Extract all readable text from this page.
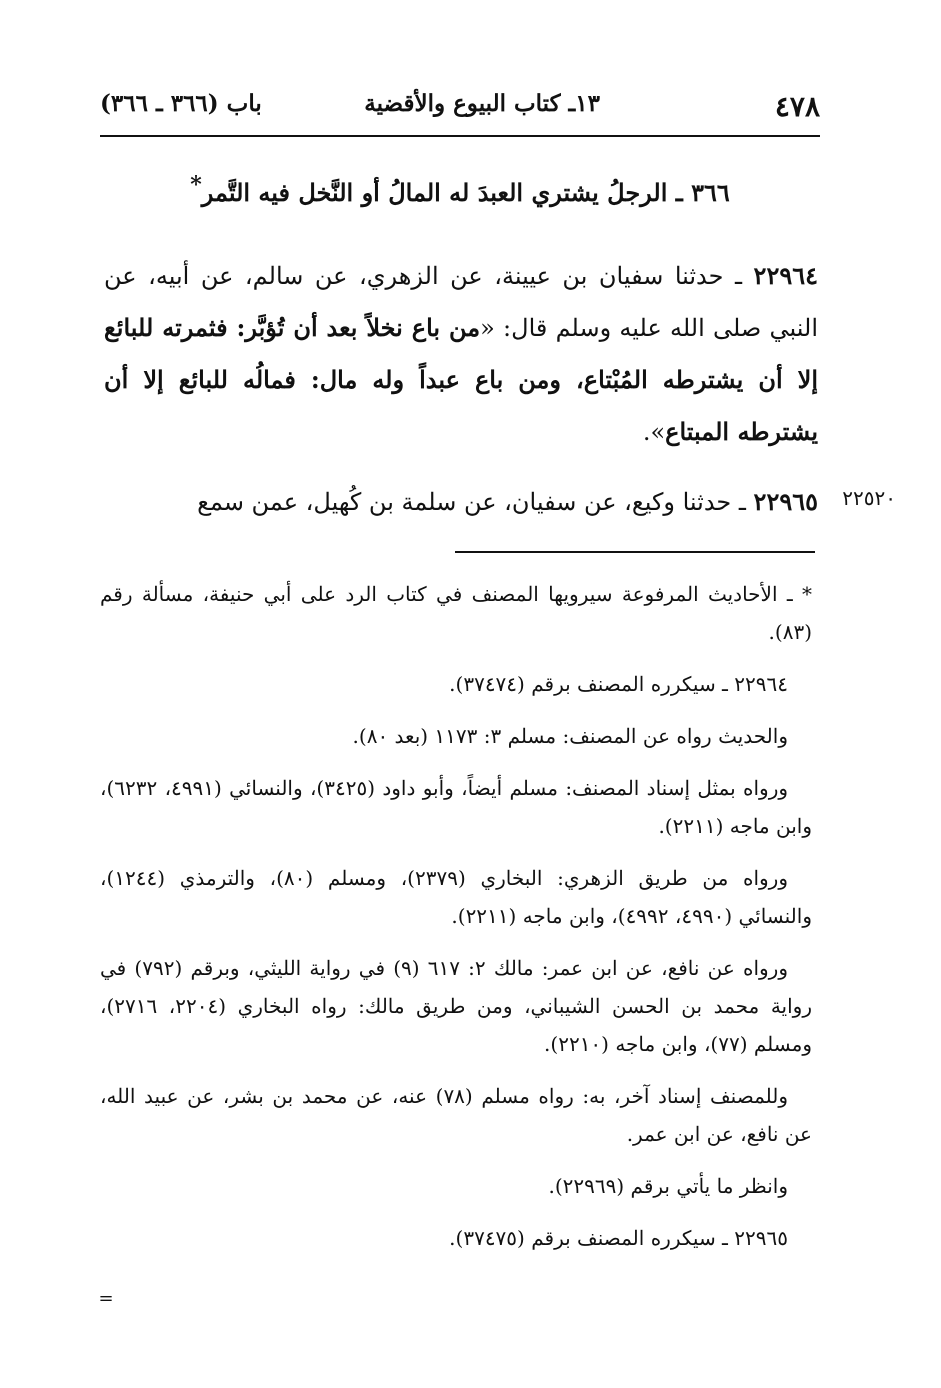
٤٧٨
١٣ـ كتاب البيوع والأقضية
باب (٣٦٦ ـ ٣٦٦)
٣٦٦ ـ الرجلُ يشتري العبدَ له المالُ أو النَّخل فيه التَّمر*
٢٢٩٦٤ ـ حدثنا سفيان بن عيينة، عن الزهري، عن سالم، عن أبيه، عن النبي صلى الله عليه وسلم قال: «من باع نخلاً بعد أن تُؤبَّر: فثمرته للبائع إلا أن يشترطه المُبْتاع، ومن باع عبداً وله مال: فمالُه للبائع إلا أن يشترطه المبتاع».
٢٢٥٢٠
٢٢٩٦٥ ـ حدثنا وكيع، عن سفيان، عن سلمة بن كُهيل، عمن سمع

* ـ الأحاديث المرفوعة سيرويها المصنف في كتاب الرد على أبي حنيفة، مسألة رقم (٨٣).

٢٢٩٦٤ ـ سيكرره المصنف برقم (٣٧٤٧٤).

والحديث رواه عن المصنف: مسلم ٣: ١١٧٣ (بعد ٨٠).

ورواه بمثل إسناد المصنف: مسلم أيضاً، وأبو داود (٣٤٢٥)، والنسائي (٤٩٩١، ٦٢٣٢)، وابن ماجه (٢٢١١).

ورواه من طريق الزهري: البخاري (٢٣٧٩)، ومسلم (٨٠)، والترمذي (١٢٤٤)، والنسائي (٤٩٩٠، ٤٩٩٢)، وابن ماجه (٢٢١١).

ورواه عن نافع، عن ابن عمر: مالك ٢: ٦١٧ (٩) في رواية الليثي، وبرقم (٧٩٢) في رواية محمد بن الحسن الشيباني، ومن طريق مالك: رواه البخاري (٢٢٠٤، ٢٧١٦)، ومسلم (٧٧)، وابن ماجه (٢٢١٠).

وللمصنف إسناد آخر، به: رواه مسلم (٧٨) عنه، عن محمد بن بشر، عن عبيد الله، عن نافع، عن ابن عمر.

وانظر ما يأتي برقم (٢٢٩٦٩).

٢٢٩٦٥ ـ سيكرره المصنف برقم (٣٧٤٧٥).

=
